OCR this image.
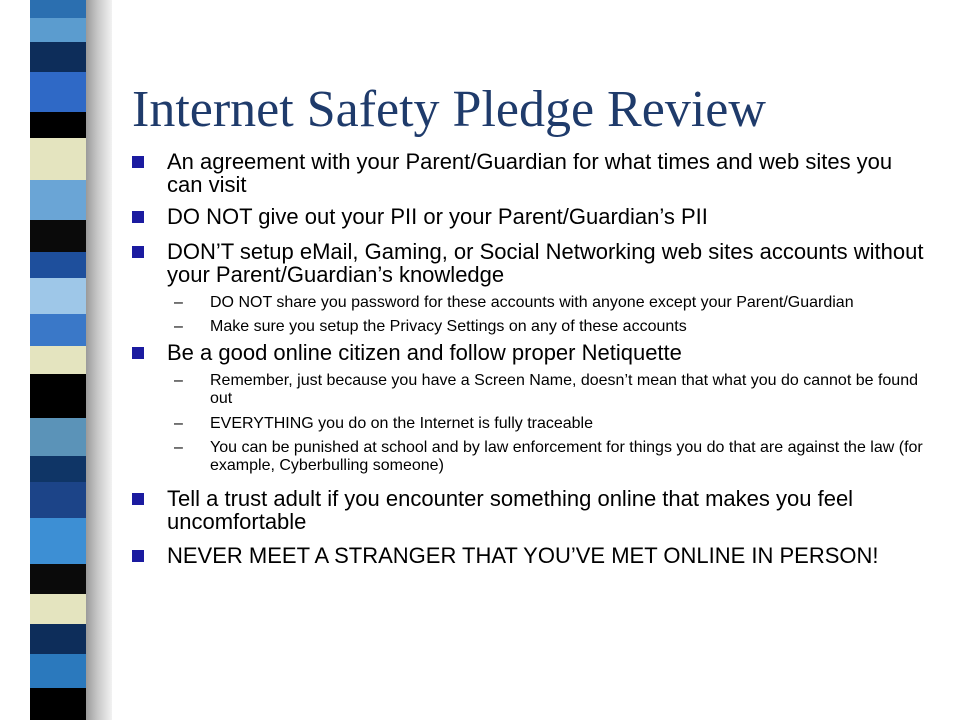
Internet Safety Pledge Review
An agreement with your Parent/Guardian for what times and web sites you can visit
DO NOT give out your PII or your Parent/Guardian’s PII
DON’T setup eMail, Gaming, or Social Networking web sites accounts without your Parent/Guardian’s knowledge
– DO NOT share you password for these accounts with anyone except your Parent/Guardian
– Make sure you setup the Privacy Settings on any of these accounts
Be a good online citizen and follow proper Netiquette
– Remember, just because you have a Screen Name, doesn’t mean that what you do cannot be found out
– EVERYTHING you do on the Internet is fully traceable
– You can be punished at school and by law enforcement for things you do that are against the law (for example, Cyberbulling someone)
Tell a trust adult if you encounter something online that makes you feel uncomfortable
NEVER MEET A STRANGER THAT YOU’VE MET ONLINE IN PERSON!
